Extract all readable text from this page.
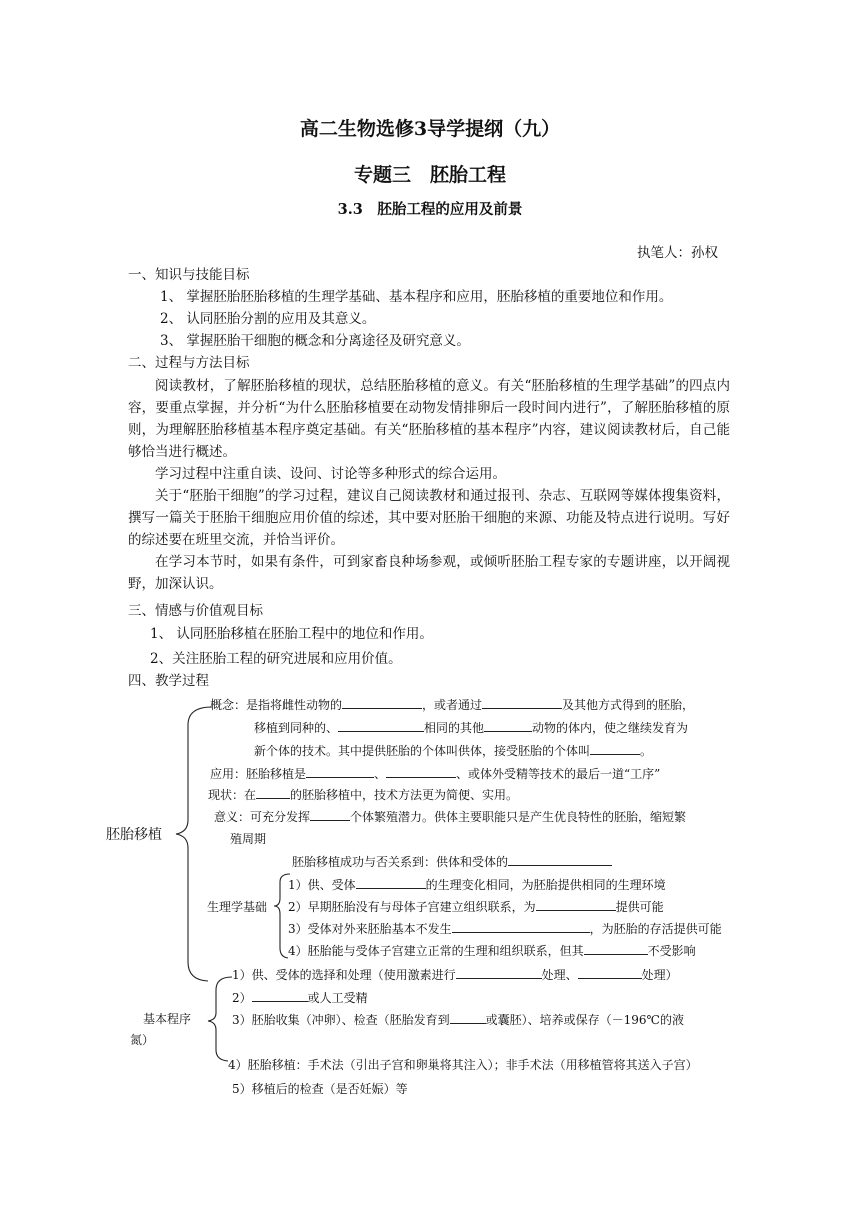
高二生物选修3导学提纲（九）
专题三　胚胎工程
3.3　胚胎工程的应用及前景
执笔人：孙权
一、知识与技能目标
1、 掌握胚胎胚胎移植的生理学基础、基本程序和应用，胚胎移植的重要地位和作用。
2、 认同胚胎分割的应用及其意义。
3、 掌握胚胎干细胞的概念和分离途径及研究意义。
二、过程与方法目标
阅读教材，了解胚胎移植的现状，总结胚胎移植的意义。有关“胚胎移植的生理学基础”的四点内容，要重点掌握，并分析“为什么胚胎移植要在动物发情排卵后一段时间内进行”，了解胚胎移植的原则，为理解胚胎移植基本程序奠定基础。有关“胚胎移植的基本程序”内容，建议阅读教材后，自己能够恰当进行概述。
学习过程中注重自读、设问、讨论等多种形式的综合运用。
关于“胚胎干细胞”的学习过程，建议自己阅读教材和通过报刊、杂志、互联网等媒体搜集资料，撰写一篇关于胚胎干细胞应用价值的综述，其中要对胚胎干细胞的来源、功能及特点进行说明。写好的综述要在班里交流，并恰当评价。
在学习本节时，如果有条件，可到家畜良种场参观，或倾听胚胎工程专家的专题讲座，以开阔视野，加深认识。
三、情感与价值观目标
1、 认同胚胎移植在胚胎工程中的地位和作用。
2、关注胚胎工程的研究进展和应用价值。
四、教学过程
胚胎移植
概念：是指将雌性动物的	，或者通过	及其他方式得到的胚胎，
移植到同种的、	相同的其他	动物的体内，使之继续发育为
新个体的技术。其中提供胚胎的个体叫供体，接受胚胎的个体叫	。
应用：胚胎移植是	、	、或体外受精等技术的最后一道“工序”
现状：在	的胚胎移植中，技术方法更为简便、实用。
意义：可充分发挥	个体繁殖潜力。供体主要职能只是产生优良特性的胚胎，缩短繁
殖周期
胚胎移植成功与否关系到：供体和受体的
生理学基础
1）供、受体	的生理变化相同，为胚胎提供相同的生理环境
2）早期胚胎没有与母体子宫建立组织联系，为	提供可能
3）受体对外来胚胎基本不发生	，为胚胎的存活提供可能
4）胚胎能与受体子宫建立正常的生理和组织联系，但其	不受影响
基本程序
氮）
1）供、受体的选择和处理（使用激素进行	处理、	处理）
2）	或人工受精
3）胚胎收集（冲卵）、检查（胚胎发育到	或囊胚）、培养或保存（－196℃的液
4）胚胎移植：手术法（引出子宫和卵巢将其注入）；非手术法（用移植管将其送入子宫）
5）移植后的检查（是否妊娠）等
